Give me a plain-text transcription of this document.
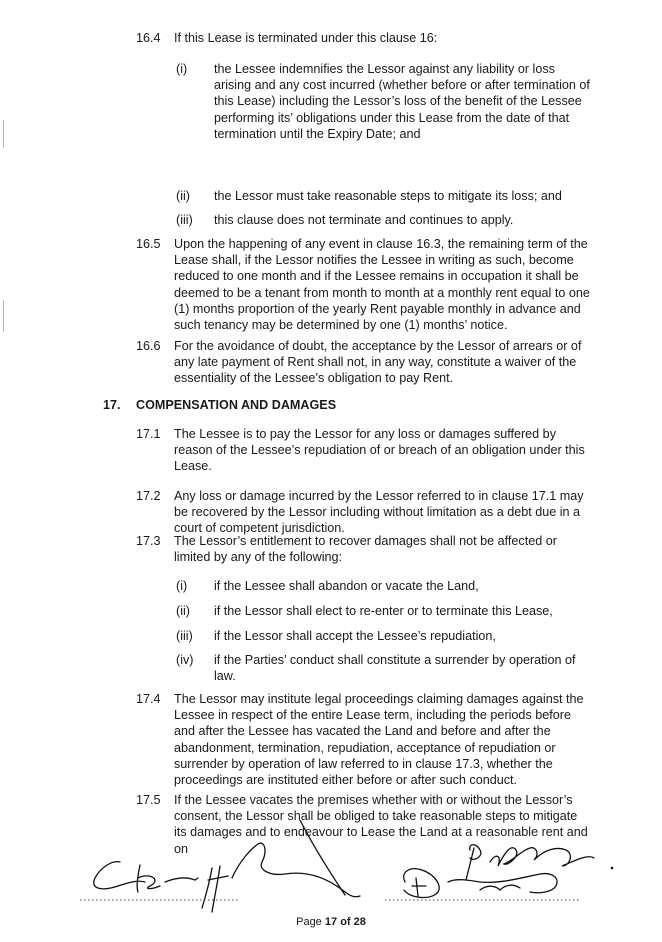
16.4 If this Lease is terminated under this clause 16:
(i) the Lessee indemnifies the Lessor against any liability or loss arising and any cost incurred (whether before or after termination of this Lease) including the Lessor’s loss of the benefit of the Lessee performing its’ obligations under this Lease from the date of that termination until the Expiry Date; and
(ii) the Lessor must take reasonable steps to mitigate its loss; and
(iii) this clause does not terminate and continues to apply.
16.5 Upon the happening of any event in clause 16.3, the remaining term of the Lease shall, if the Lessor notifies the Lessee in writing as such, become reduced to one month and if the Lessee remains in occupation it shall be deemed to be a tenant from month to month at a monthly rent equal to one (1) months proportion of the yearly Rent payable monthly in advance and such tenancy may be determined by one (1) months’ notice.
16.6 For the avoidance of doubt, the acceptance by the Lessor of arrears or of any late payment of Rent shall not, in any way, constitute a waiver of the essentiality of the Lessee’s obligation to pay Rent.
17. COMPENSATION AND DAMAGES
17.1 The Lessee is to pay the Lessor for any loss or damages suffered by reason of the Lessee’s repudiation of or breach of an obligation under this Lease.
17.2 Any loss or damage incurred by the Lessor referred to in clause 17.1 may be recovered by the Lessor including without limitation as a debt due in a court of competent jurisdiction.
17.3 The Lessor’s entitlement to recover damages shall not be affected or limited by any of the following:
(i) if the Lessee shall abandon or vacate the Land,
(ii) if the Lessor shall elect to re-enter or to terminate this Lease,
(iii) if the Lessor shall accept the Lessee’s repudiation,
(iv) if the Parties’ conduct shall constitute a surrender by operation of law.
17.4 The Lessor may institute legal proceedings claiming damages against the Lessee in respect of the entire Lease term, including the periods before and after the Lessee has vacated the Land and before and after the abandonment, termination, repudiation, acceptance of repudiation or surrender by operation of law referred to in clause 17.3, whether the proceedings are instituted either before or after such conduct.
17.5 If the Lessee vacates the premises whether with or without the Lessor’s consent, the Lessor shall be obliged to take reasonable steps to mitigate its damages and to endeavour to Lease the Land at a reasonable rent and on
Page 17 of 28
